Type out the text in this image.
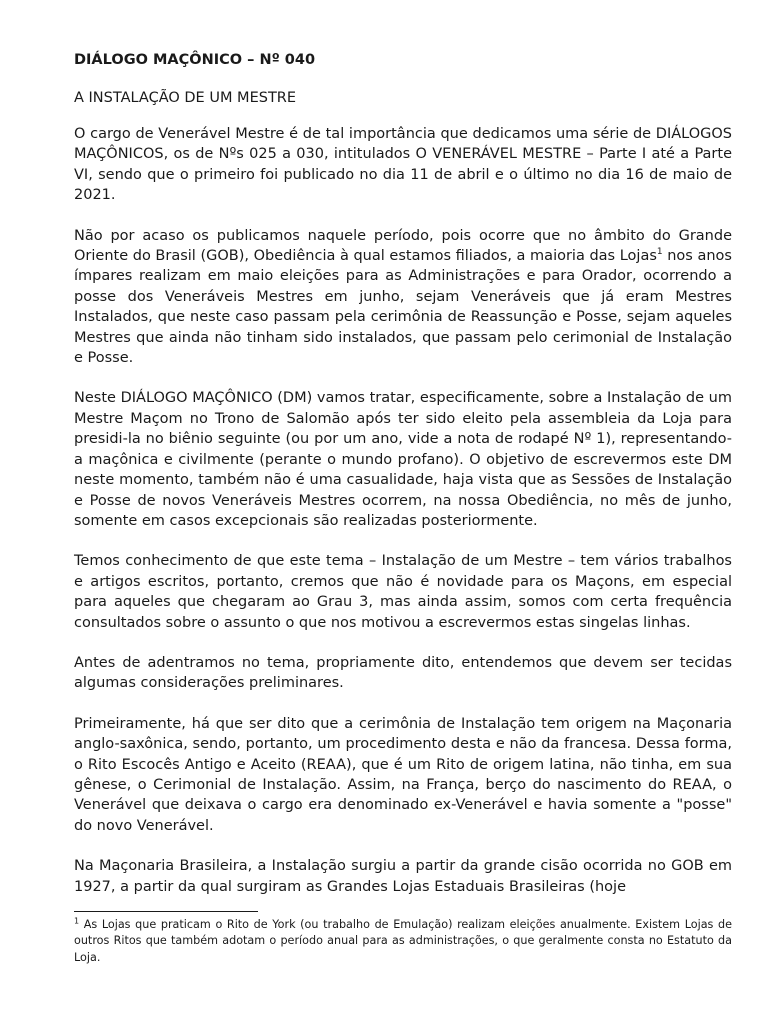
DIÁLOGO MAÇÔNICO – Nº 040
A INSTALAÇÃO DE UM MESTRE

O cargo de Venerável Mestre é de tal importância que dedicamos uma série de DIÁLOGOS MAÇÔNICOS, os de Nºs 025 a 030, intitulados O VENERÁVEL MESTRE – Parte I até a Parte VI, sendo que o primeiro foi publicado no dia 11 de abril e o último no dia 16 de maio de 2021.

Não por acaso os publicamos naquele período, pois ocorre que no âmbito do Grande Oriente do Brasil (GOB), Obediência à qual estamos filiados, a maioria das Lojas$^1$ nos anos ímpares realizam em maio eleições para as Administrações e para Orador, ocorrendo a posse dos Veneráveis Mestres em junho, sejam Veneráveis que já eram Mestres Instalados, que neste caso passam pela cerimônia de Reassunção e Posse, sejam aqueles Mestres que ainda não tinham sido instalados, que passam pelo cerimonial de Instalação e Posse.

Neste DIÁLOGO MAÇÔNICO (DM) vamos tratar, especificamente, sobre a Instalação de um Mestre Maçom no Trono de Salomão após ter sido eleito pela assembleia da Loja para presidi-la no biênio seguinte (ou por um ano, vide a nota de rodapé Nº 1), representando-a maçônica e civilmente (perante o mundo profano). O objetivo de escrevermos este DM neste momento, também não é uma casualidade, haja vista que as Sessões de Instalação e Posse de novos Veneráveis Mestres ocorrem, na nossa Obediência, no mês de junho, somente em casos excepcionais são realizadas posteriormente.

Temos conhecimento de que este tema – Instalação de um Mestre – tem vários trabalhos e artigos escritos, portanto, cremos que não é novidade para os Maçons, em especial para aqueles que chegaram ao Grau 3, mas ainda assim, somos com certa frequência consultados sobre o assunto o que nos motivou a escrevermos estas singelas linhas.

Antes de adentramos no tema, propriamente dito, entendemos que devem ser tecidas algumas considerações preliminares.

Primeiramente, há que ser dito que a cerimônia de Instalação tem origem na Maçonaria anglo-saxônica, sendo, portanto, um procedimento desta e não da francesa. Dessa forma, o Rito Escocês Antigo e Aceito (REAA), que é um Rito de origem latina, não tinha, em sua gênese, o Cerimonial de Instalação. Assim, na França, berço do nascimento do REAA, o Venerável que deixava o cargo era denominado ex-Venerável e havia somente a "posse" do novo Venerável.

Na Maçonaria Brasileira, a Instalação surgiu a partir da grande cisão ocorrida no GOB em 1927, a partir da qual surgiram as Grandes Lojas Estaduais Brasileiras (hoje

$^1$ As Lojas que praticam o Rito de York (ou trabalho de Emulação) realizam eleições anualmente. Existem Lojas de outros Ritos que também adotam o período anual para as administrações, o que geralmente consta no Estatuto da Loja.
